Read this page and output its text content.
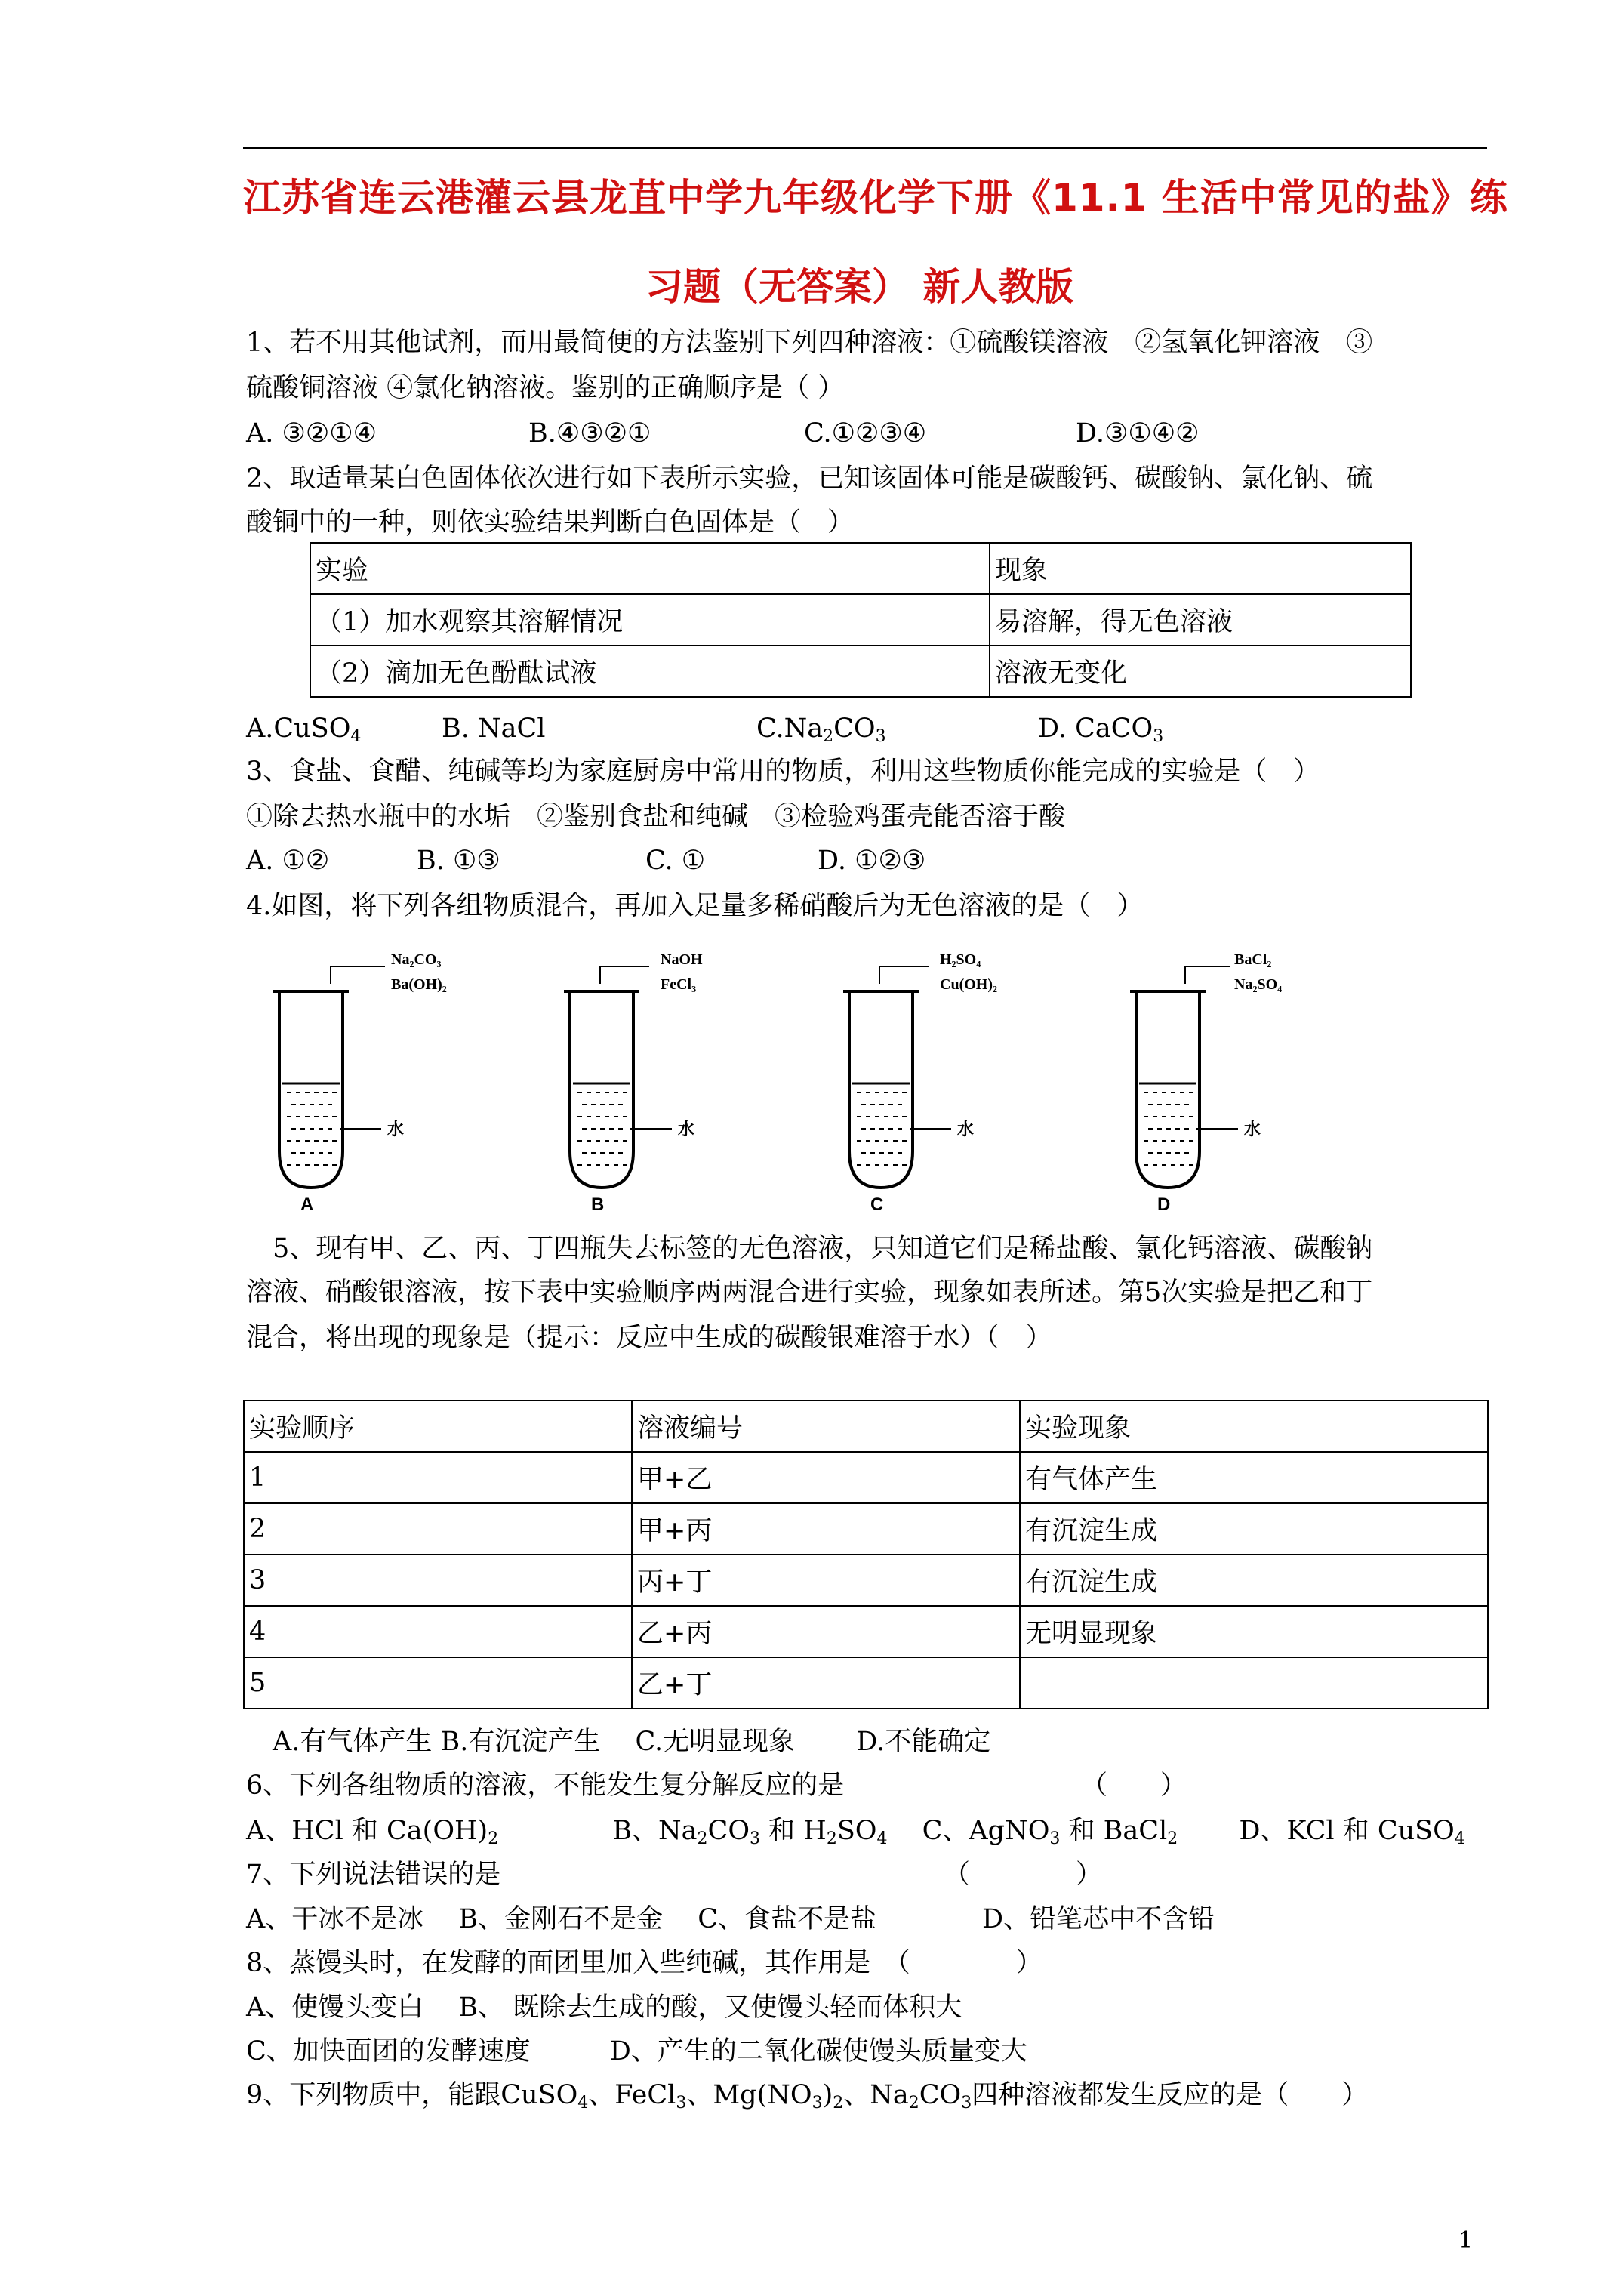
江苏省连云港灌云县龙苴中学九年级化学下册《11.1 生活中常见的盐》练
习题（无答案） 新人教版
1、若不用其他试剂，而用最简便的方法鉴别下列四种溶液：①硫酸镁溶液　②氢氧化钾溶液　③
硫酸铜溶液 ④氯化钠溶液。鉴别的正确顺序是（ ）
A. ③②①④	B.④③②①	C.①②③④	D.③①④②
2、取适量某白色固体依次进行如下表所示实验，已知该固体可能是碳酸钙、碳酸钠、氯化钠、硫
酸铜中的一种，则依实验结果判断白色固体是（　）
实验	现象
（1）加水观察其溶解情况	易溶解，得无色溶液
（2）滴加无色酚酞试液	溶液无变化
A.CuSO$_4$	B. NaCl	$C.Na_2CO_3$	D. CaCO$_3$
3、食盐、食醋、纯碱等均为家庭厨房中常用的物质，利用这些物质你能完成的实验是（　）
①除去热水瓶中的水垢　②鉴别食盐和纯碱　③检验鸡蛋壳能否溶于酸
A. ①②	B. ①③	C. ①	D. ①②③
4.如图，将下列各组物质混合，再加入足量多稀硝酸后为无色溶液的是（　）
Na₂CO₃
Ba(OH)₂
水
A
NaOH
FeCl₃
水
B
H₂SO₄
Cu(OH)₂
水
C
BaCl₂
Na₂SO₄
水
D
　5、现有甲、乙、丙、丁四瓶失去标签的无色溶液，只知道它们是稀盐酸、氯化钙溶液、碳酸钠
溶液、硝酸银溶液，按下表中实验顺序两两混合进行实验，现象如表所述。第5次实验是把乙和丁
混合，将出现的现象是（提示：反应中生成的碳酸银难溶于水）（　）
实验顺序	溶液编号	实验现象
1	甲+乙	有气体产生
2	甲+丙	有沉淀生成
3	丙+丁	有沉淀生成
4	乙+丙	无明显现象
5	乙+丁	
　A.有气体产生 B.有沉淀产生　 C.无明显现象　　 D.不能确定
6、下列各组物质的溶液，不能发生复分解反应的是	（　　）
A、HCl 和 $Ca(OH)_2$　　　　 B、$Na_2CO_3$ 和 $H_2SO_4$　 C、AgNO$_3$ 和 BaCl$_2$　　 D、KCl 和 CuSO$_4$
7、下列说法错误的是	（　　　　）
A、干冰不是冰　 B、金刚石不是金　 C、食盐不是盐　　　　D、铅笔芯中不含铅
8、蒸馒头时，在发酵的面团里加入些纯碱，其作用是　（　　　　）
A、使馒头变白　 B、 既除去生成的酸，又使馒头轻而体积大
C、加快面团的发酵速度　　　D、产生的二氧化碳使馒头质量变大
9、下列物质中，能跟CuSO$_4$、FeCl$_3$、$Mg(NO_3)_2$、$Na_2CO_3$四种溶液都发生反应的是（　　）
1
